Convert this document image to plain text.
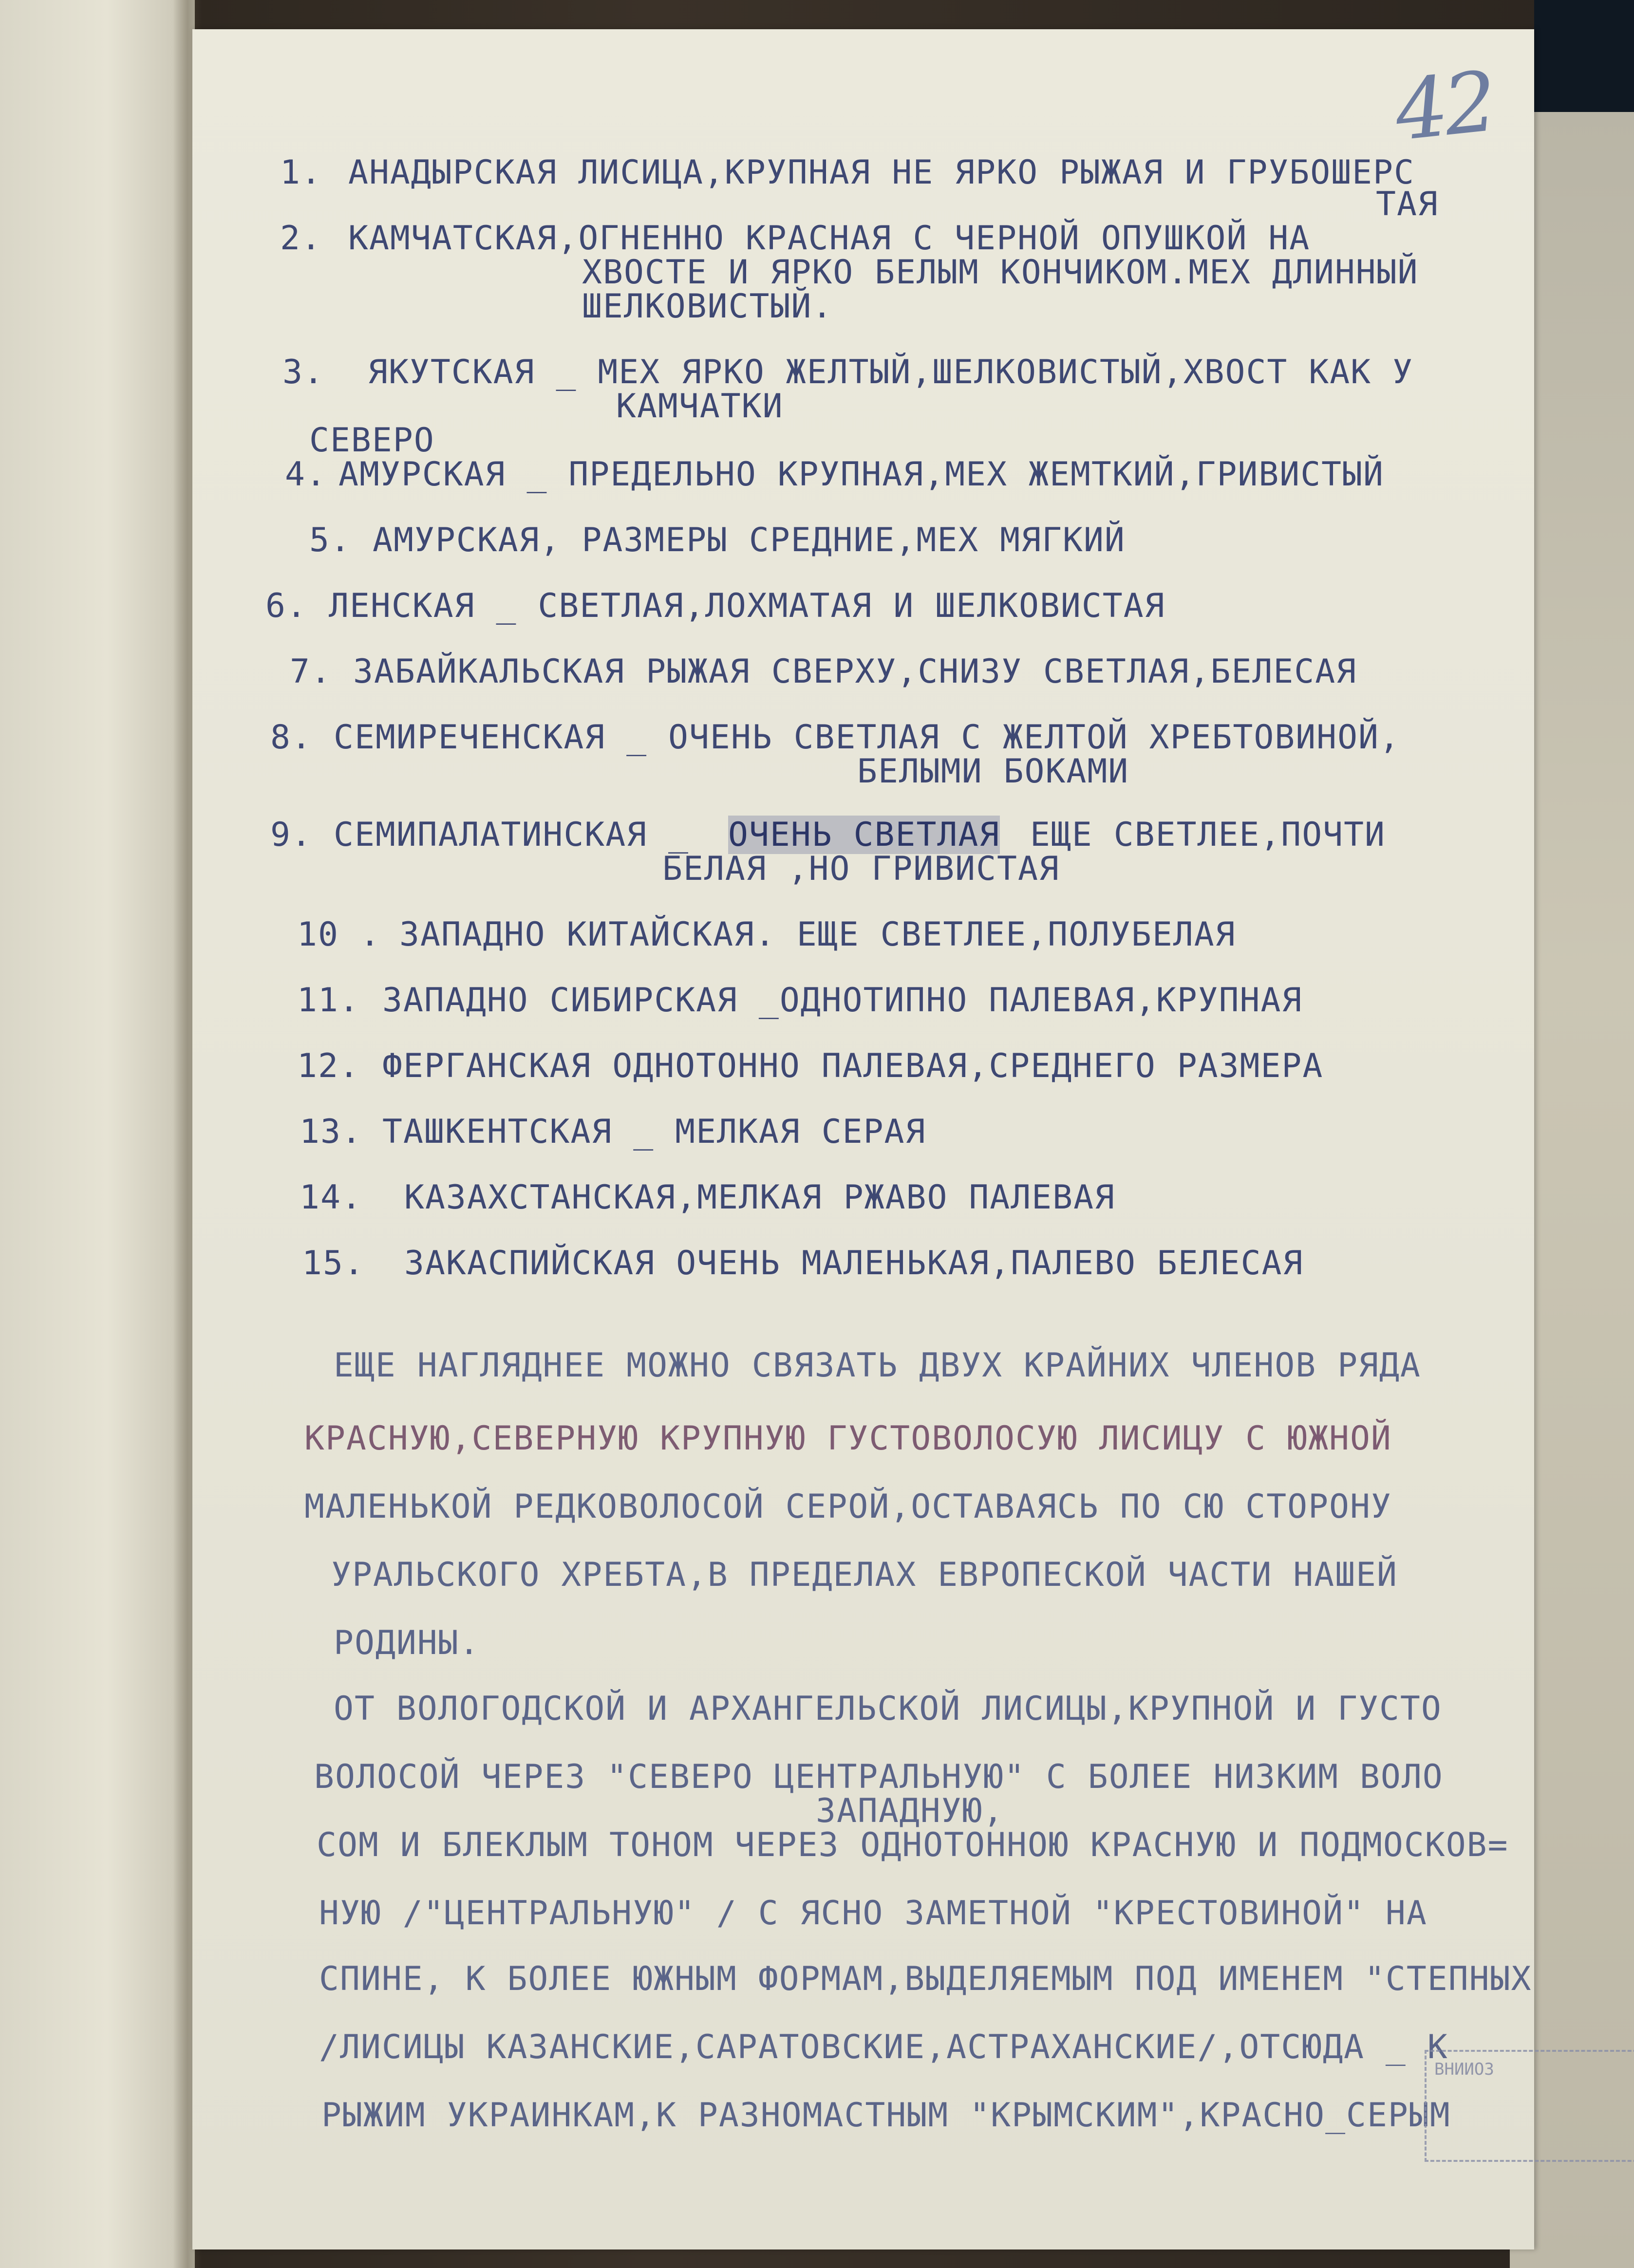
42
1. АНАДЫРСКАЯ ЛИСИЦА,КРУПНАЯ НЕ ЯРКО РЫЖАЯ И ГРУБОШЕРС
ТАЯ
2. КАМЧАТСКАЯ,ОГНЕННО КРАСНАЯ С ЧЕРНОЙ ОПУШКОЙ НА
ХВОСТЕ И ЯРКО БЕЛЫМ КОНЧИКОМ.МЕХ ДЛИННЫЙ
ШЕЛКОВИСТЫЙ.
3. ЯКУТСКАЯ _ МЕХ ЯРКО ЖЕЛТЫЙ,ШЕЛКОВИСТЫЙ,ХВОСТ КАК У
КАМЧАТКИ
СЕВЕРО
4. АМУРСКАЯ _ ПРЕДЕЛЬНО КРУПНАЯ,МЕХ ЖЕМТКИЙ,ГРИВИСТЫЙ
5. АМУРСКАЯ, РАЗМЕРЫ СРЕДНИЕ,МЕХ МЯГКИЙ
6. ЛЕНСКАЯ _ СВЕТЛАЯ,ЛОХМАТАЯ И ШЕЛКОВИСТАЯ
7. ЗАБАЙКАЛЬСКАЯ РЫЖАЯ СВЕРХУ,СНИЗУ СВЕТЛАЯ,БЕЛЕСАЯ
8. СЕМИРЕЧЕНСКАЯ _ ОЧЕНЬ СВЕТЛАЯ С ЖЕЛТОЙ ХРЕБТОВИНОЙ,
БЕЛЫМИ БОКАМИ
9. СЕМИПАЛАТИНСКАЯ _ ОЧЕНЬ СВЕТЛАЯ ЕЩЕ СВЕТЛЕЕ,ПОЧТИ
БЕЛАЯ ,НО ГРИВИСТАЯ
10 . ЗАПАДНО КИТАЙСКАЯ. ЕЩЕ СВЕТЛЕЕ,ПОЛУБЕЛАЯ
11. ЗАПАДНО СИБИРСКАЯ _ОДНОТИПНО ПАЛЕВАЯ,КРУПНАЯ
12. ФЕРГАНСКАЯ ОДНОТОННО ПАЛЕВАЯ,СРЕДНЕГО РАЗМЕРА
13. ТАШКЕНТСКАЯ _ МЕЛКАЯ СЕРАЯ
14. КАЗАХСТАНСКАЯ,МЕЛКАЯ РЖАВО ПАЛЕВАЯ
15. ЗАКАСПИЙСКАЯ ОЧЕНЬ МАЛЕНЬКАЯ,ПАЛЕВО БЕЛЕСАЯ
ЕЩЕ НАГЛЯДНЕЕ МОЖНО СВЯЗАТЬ ДВУХ КРАЙНИХ ЧЛЕНОВ РЯДА
КРАСНУЮ,СЕВЕРНУЮ КРУПНУЮ ГУСТОВОЛОСУЮ ЛИСИЦУ С ЮЖНОЙ
МАЛЕНЬКОЙ РЕДКОВОЛОСОЙ СЕРОЙ,ОСТАВАЯСЬ ПО СЮ СТОРОНУ
УРАЛЬСКОГО ХРЕБТА,В ПРЕДЕЛАХ ЕВРОПЕСКОЙ ЧАСТИ НАШЕЙ
РОДИНЫ.
ОТ ВОЛОГОДСКОЙ И АРХАНГЕЛЬСКОЙ ЛИСИЦЫ,КРУПНОЙ И ГУСТО
ВОЛОСОЙ ЧЕРЕЗ "СЕВЕРО ЦЕНТРАЛЬНУЮ" С БОЛЕЕ НИЗКИМ ВОЛО
ЗАПАДНУЮ,
СОМ И БЛЕКЛЫМ ТОНОМ ЧЕРЕЗ ОДНОТОННОЮ КРАСНУЮ И ПОДМОСКОВ=
НУЮ /"ЦЕНТРАЛЬНУЮ" / С ЯСНО ЗАМЕТНОЙ "КРЕСТОВИНОЙ" НА
СПИНЕ, К БОЛЕЕ ЮЖНЫМ ФОРМАМ,ВЫДЕЛЯЕМЫМ ПОД ИМЕНЕМ "СТЕПНЫХ
/ЛИСИЦЫ КАЗАНСКИЕ,САРАТОВСКИЕ,АСТРАХАНСКИЕ/,ОТСЮДА _ К
РЫЖИМ УКРАИНКАМ,К РАЗНОМАСТНЫМ "КРЫМСКИМ",КРАСНО_СЕРЫМ
ВНИИОЗ
